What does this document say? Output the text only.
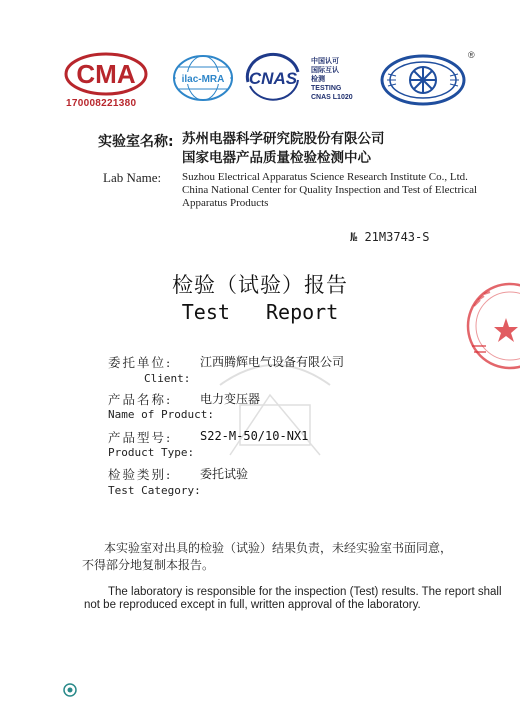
CMA
170008221380
ilac-MRA CNAS
中国认可
国际互认
检测
TESTING
CNAS L1020
®
实验室名称: 苏州电器科学研究院股份有限公司
国家电器产品质量检验检测中心
Lab Name: Suzhou Electrical Apparatus Science Research Institute Co., Ltd.
China National Center for Quality Inspection and Test of Electrical
Apparatus Products
№ 21M3743-S
检验（试验）报告
Test  Report
委托单位: 江西腾辉电气设备有限公司
Client:
产品名称: 电力变压器
Name of Product:
产品型号: S22-M-50/10-NX1
Product Type:
检验类别: 委托试验
Test Category:
本实验室对出具的检验（试验）结果负责，未经实验室书面同意，
不得部分地复制本报告。
The laboratory is responsible for the inspection (Test) results. The report shall
not be reproduced except in full, written approval of the laboratory.
